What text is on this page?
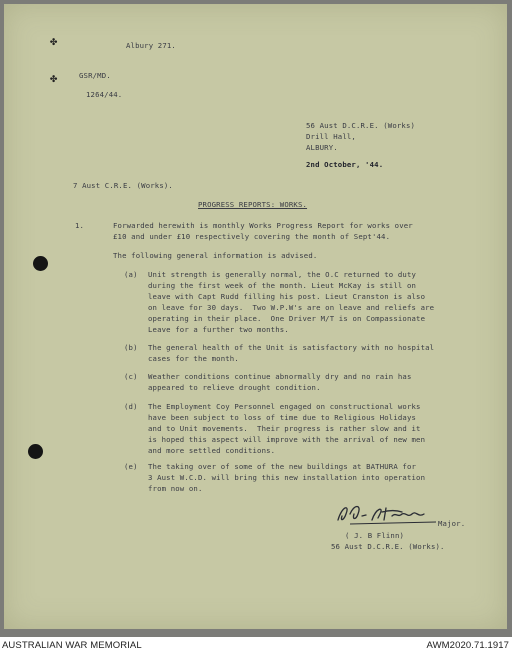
✤
✤

Albury 271.

GSR/MD.

1264/44.

56 Aust D.C.R.E. (Works)

Drill Hall,

ALBURY.

2nd October, '44.

7 Aust C.R.E. (Works).

PROGRESS REPORTS: WORKS.

1.	Forwarded herewith is monthly Works Progress Report for works over

£10 and under £10 respectively covering the month of Sept'44.

The following general information is advised.

(a) Unit strength is generally normal, the O.C returned to duty

during the first week of the month. Lieut McKay is still on

leave with Capt Rudd filling his post. Lieut Cranston is also

on leave for 30 days.  Two W.P.W's are on leave and reliefs are

operating in their place.  One Driver M/T is on Compassionate

Leave for a further two months.

(b) The general health of the Unit is satisfactory with no hospital

cases for the month.

(c) Weather conditions continue abnormally dry and no rain has

appeared to relieve drought condition.

(d) The Employment Coy Personnel engaged on constructional works

have been subject to loss of time due to Religious Holidays

and to Unit movements.  Their progress is rather slow and it

is hoped this aspect will improve with the arrival of new men

and more settled conditions.

(e) The taking over of some of the new buildings at BATHURA for

3 Aust W.C.D. will bring this new installation into operation

from now on.

Major.

( J. B Flinn)

56 Aust D.C.R.E. (Works).

AUSTRALIAN WAR MEMORIAL	AWM2020.71.1917
